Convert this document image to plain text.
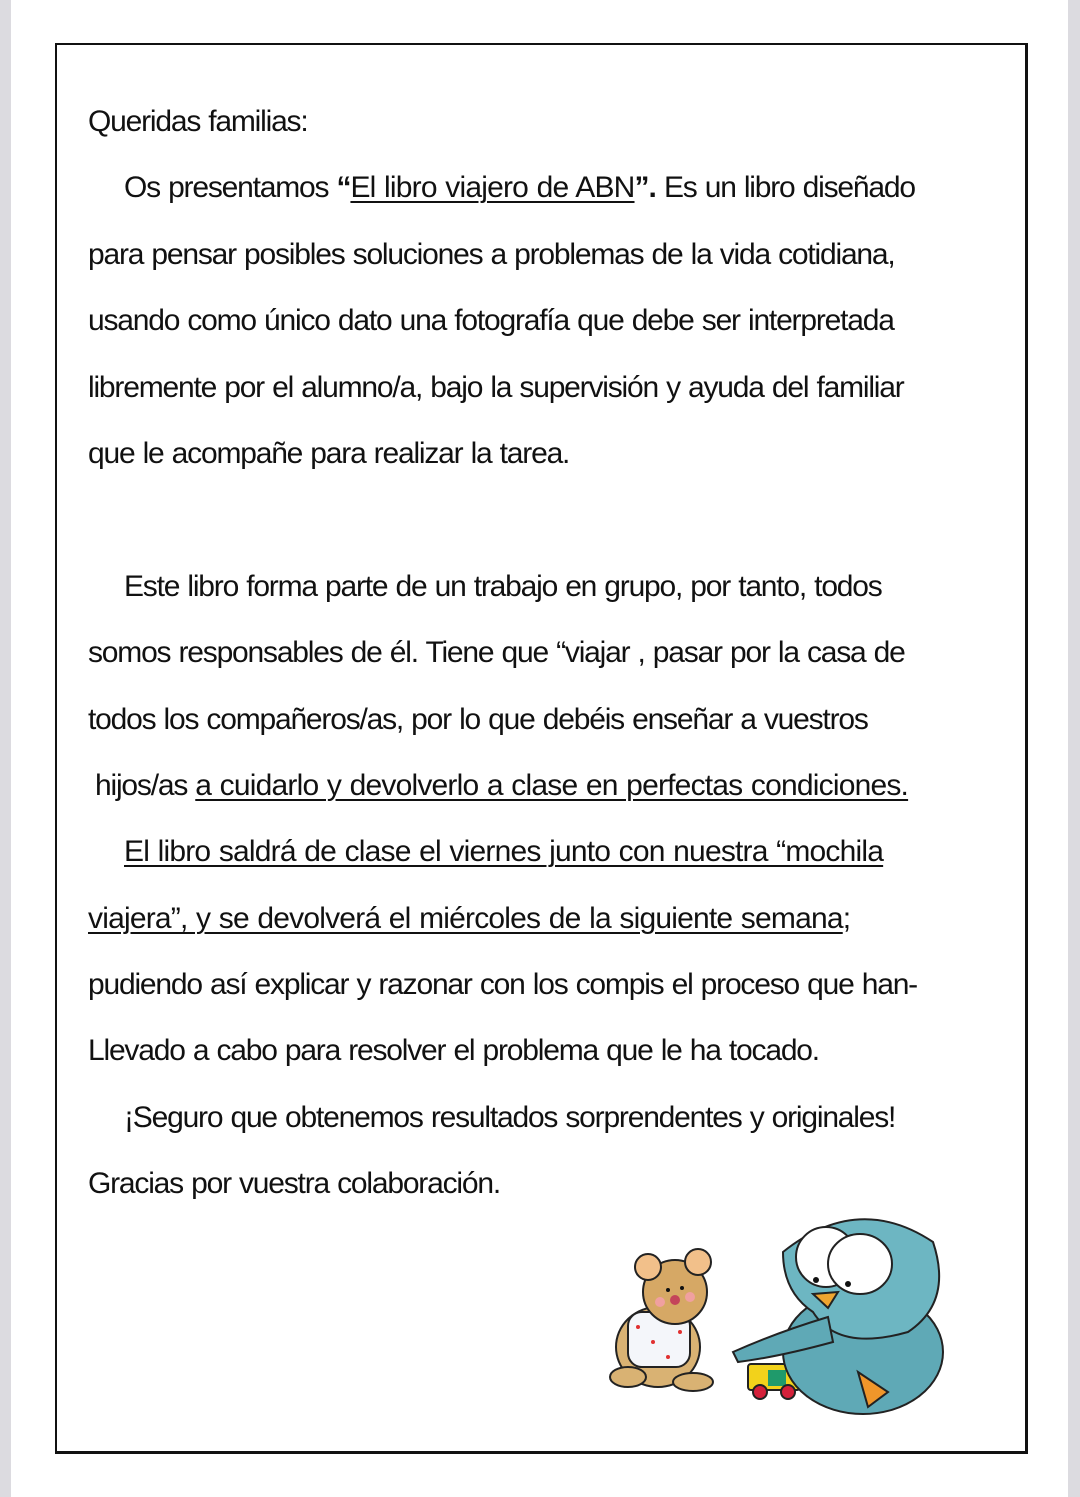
Queridas familias:
Os presentamos “El libro viajero de ABN”. Es un libro diseñado
para pensar posibles soluciones a problemas de la vida cotidiana,
usando como único dato una fotografía que debe ser interpretada
libremente por el alumno/a, bajo la supervisión y ayuda del familiar
que le acompañe para realizar la tarea.
Este libro forma parte de un trabajo en grupo, por tanto, todos
somos responsables de él. Tiene que “viajar , pasar por la casa de
todos los compañeros/as, por lo que debéis enseñar a vuestros
hijos/as a cuidarlo y devolverlo a clase en perfectas condiciones.
El libro saldrá de clase el viernes junto con nuestra “mochila
viajera”, y se devolverá el miércoles de la siguiente semana;
pudiendo así explicar y razonar con los compis el proceso que han-
Llevado a cabo para resolver el problema que le ha tocado.
¡Seguro que obtenemos resultados sorprendentes y originales!
Gracias por vuestra colaboración.
